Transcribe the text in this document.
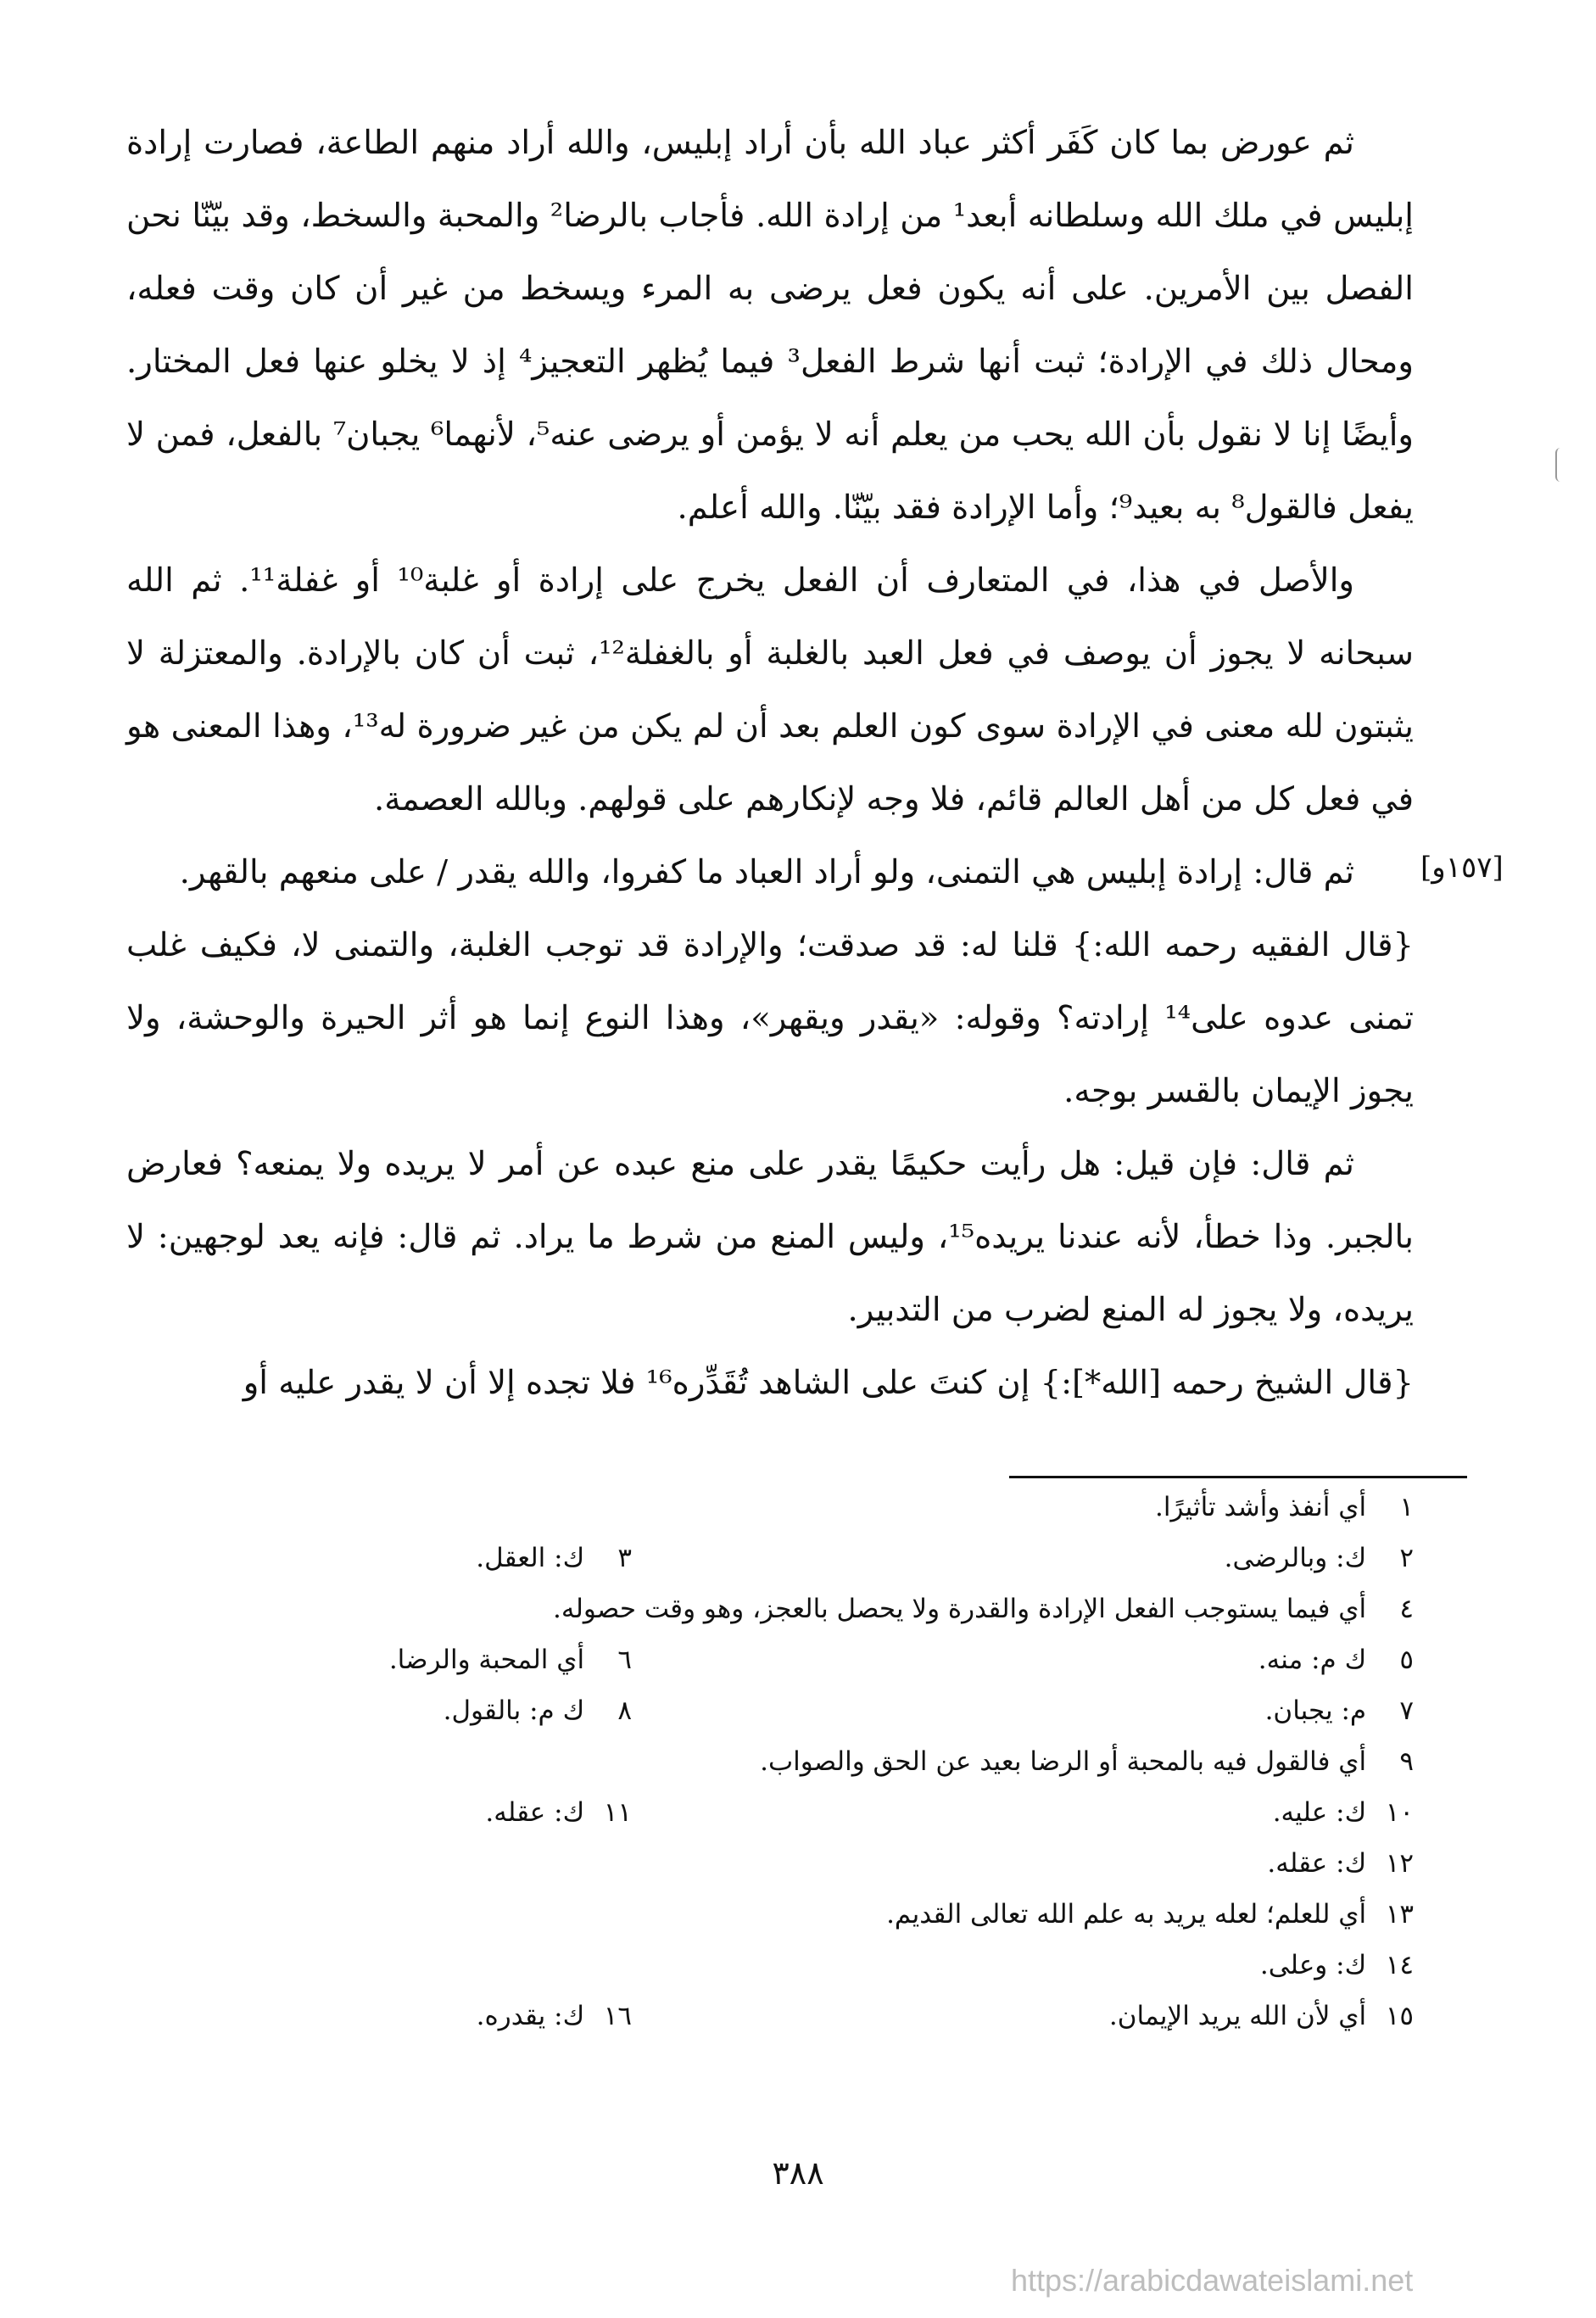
ثم عورض بما كان كَفَر أكثر عباد الله بأن أراد إبليس، والله أراد منهم الطاعة، فصارت إرادة إبليس في ملك الله وسلطانه أبعد¹ من إرادة الله. فأجاب بالرضا² والمحبة والسخط، وقد بيّنّا نحن الفصل بين الأمرين. على أنه يكون فعل يرضى به المرء ويسخط من غير أن كان وقت فعله، ومحال ذلك في الإرادة؛ ثبت أنها شرط الفعل³ فيما يُظهر التعجيز⁴ إذ لا يخلو عنها فعل المختار. وأيضًا إنا لا نقول بأن الله يحب من يعلم أنه لا يؤمن أو يرضى عنه⁵، لأنهما⁶ يجبان⁷ بالفعل، فمن لا يفعل فالقول⁸ به بعيد⁹؛ وأما الإرادة فقد بيّنّا. والله أعلم.

والأصل في هذا، في المتعارف أن الفعل يخرج على إرادة أو غلبة¹⁰ أو غفلة¹¹. ثم الله سبحانه لا يجوز أن يوصف في فعل العبد بالغلبة أو بالغفلة¹²، ثبت أن كان بالإرادة. والمعتزلة لا يثبتون لله معنى في الإرادة سوى كون العلم بعد أن لم يكن من غير ضرورة له¹³، وهذا المعنى هو في فعل كل من أهل العالم قائم، فلا وجه لإنكارهم على قولهم. وبالله العصمة.

ثم قال: إرادة إبليس هي التمنى، ولو أراد العباد ما كفروا، والله يقدر / على منعهم بالقهر.

{قال الفقيه رحمه الله:} قلنا له: قد صدقت؛ والإرادة قد توجب الغلبة، والتمنى لا، فكيف غلب تمنى عدوه على¹⁴ إرادته؟ وقوله: «يقدر ويقهر»، وهذا النوع إنما هو أثر الحيرة والوحشة، ولا يجوز الإيمان بالقسر بوجه.

ثم قال: فإن قيل: هل رأيت حكيمًا يقدر على منع عبده عن أمر لا يريده ولا يمنعه؟ فعارض بالجبر. وذا خطأ، لأنه عندنا يريده¹⁵، وليس المنع من شرط ما يراد. ثم قال: فإنه يعد لوجهين: لا يريده، ولا يجوز له المنع لضرب من التدبير.

{قال الشيخ رحمه [الله*]:} إن كنتَ على الشاهد تُقَدِّره¹⁶ فلا تجده إلا أن لا يقدر عليه أو

[١٥٧و]
١ أي أنفذ وأشد تأثيرًا.
٢ ك: وبالرضى.
٣ ك: العقل.
٤ أي فيما يستوجب الفعل الإرادة والقدرة ولا يحصل بالعجز، وهو وقت حصوله.
٥ ك م: منه.
٦ أي المحبة والرضا.
٧ م: يجبان.
٨ ك م: بالقول.
٩ أي فالقول فيه بالمحبة أو الرضا بعيد عن الحق والصواب.
١٠ ك: عليه.
١١ ك: عقله.
١٢ ك: عقله.
١٣ أي للعلم؛ لعله يريد به علم الله تعالى القديم.
١٤ ك: وعلى.
١٥ أي لأن الله يريد الإيمان.
١٦ ك: يقدره.
٣٨٨
https://arabicdawateislami.net
